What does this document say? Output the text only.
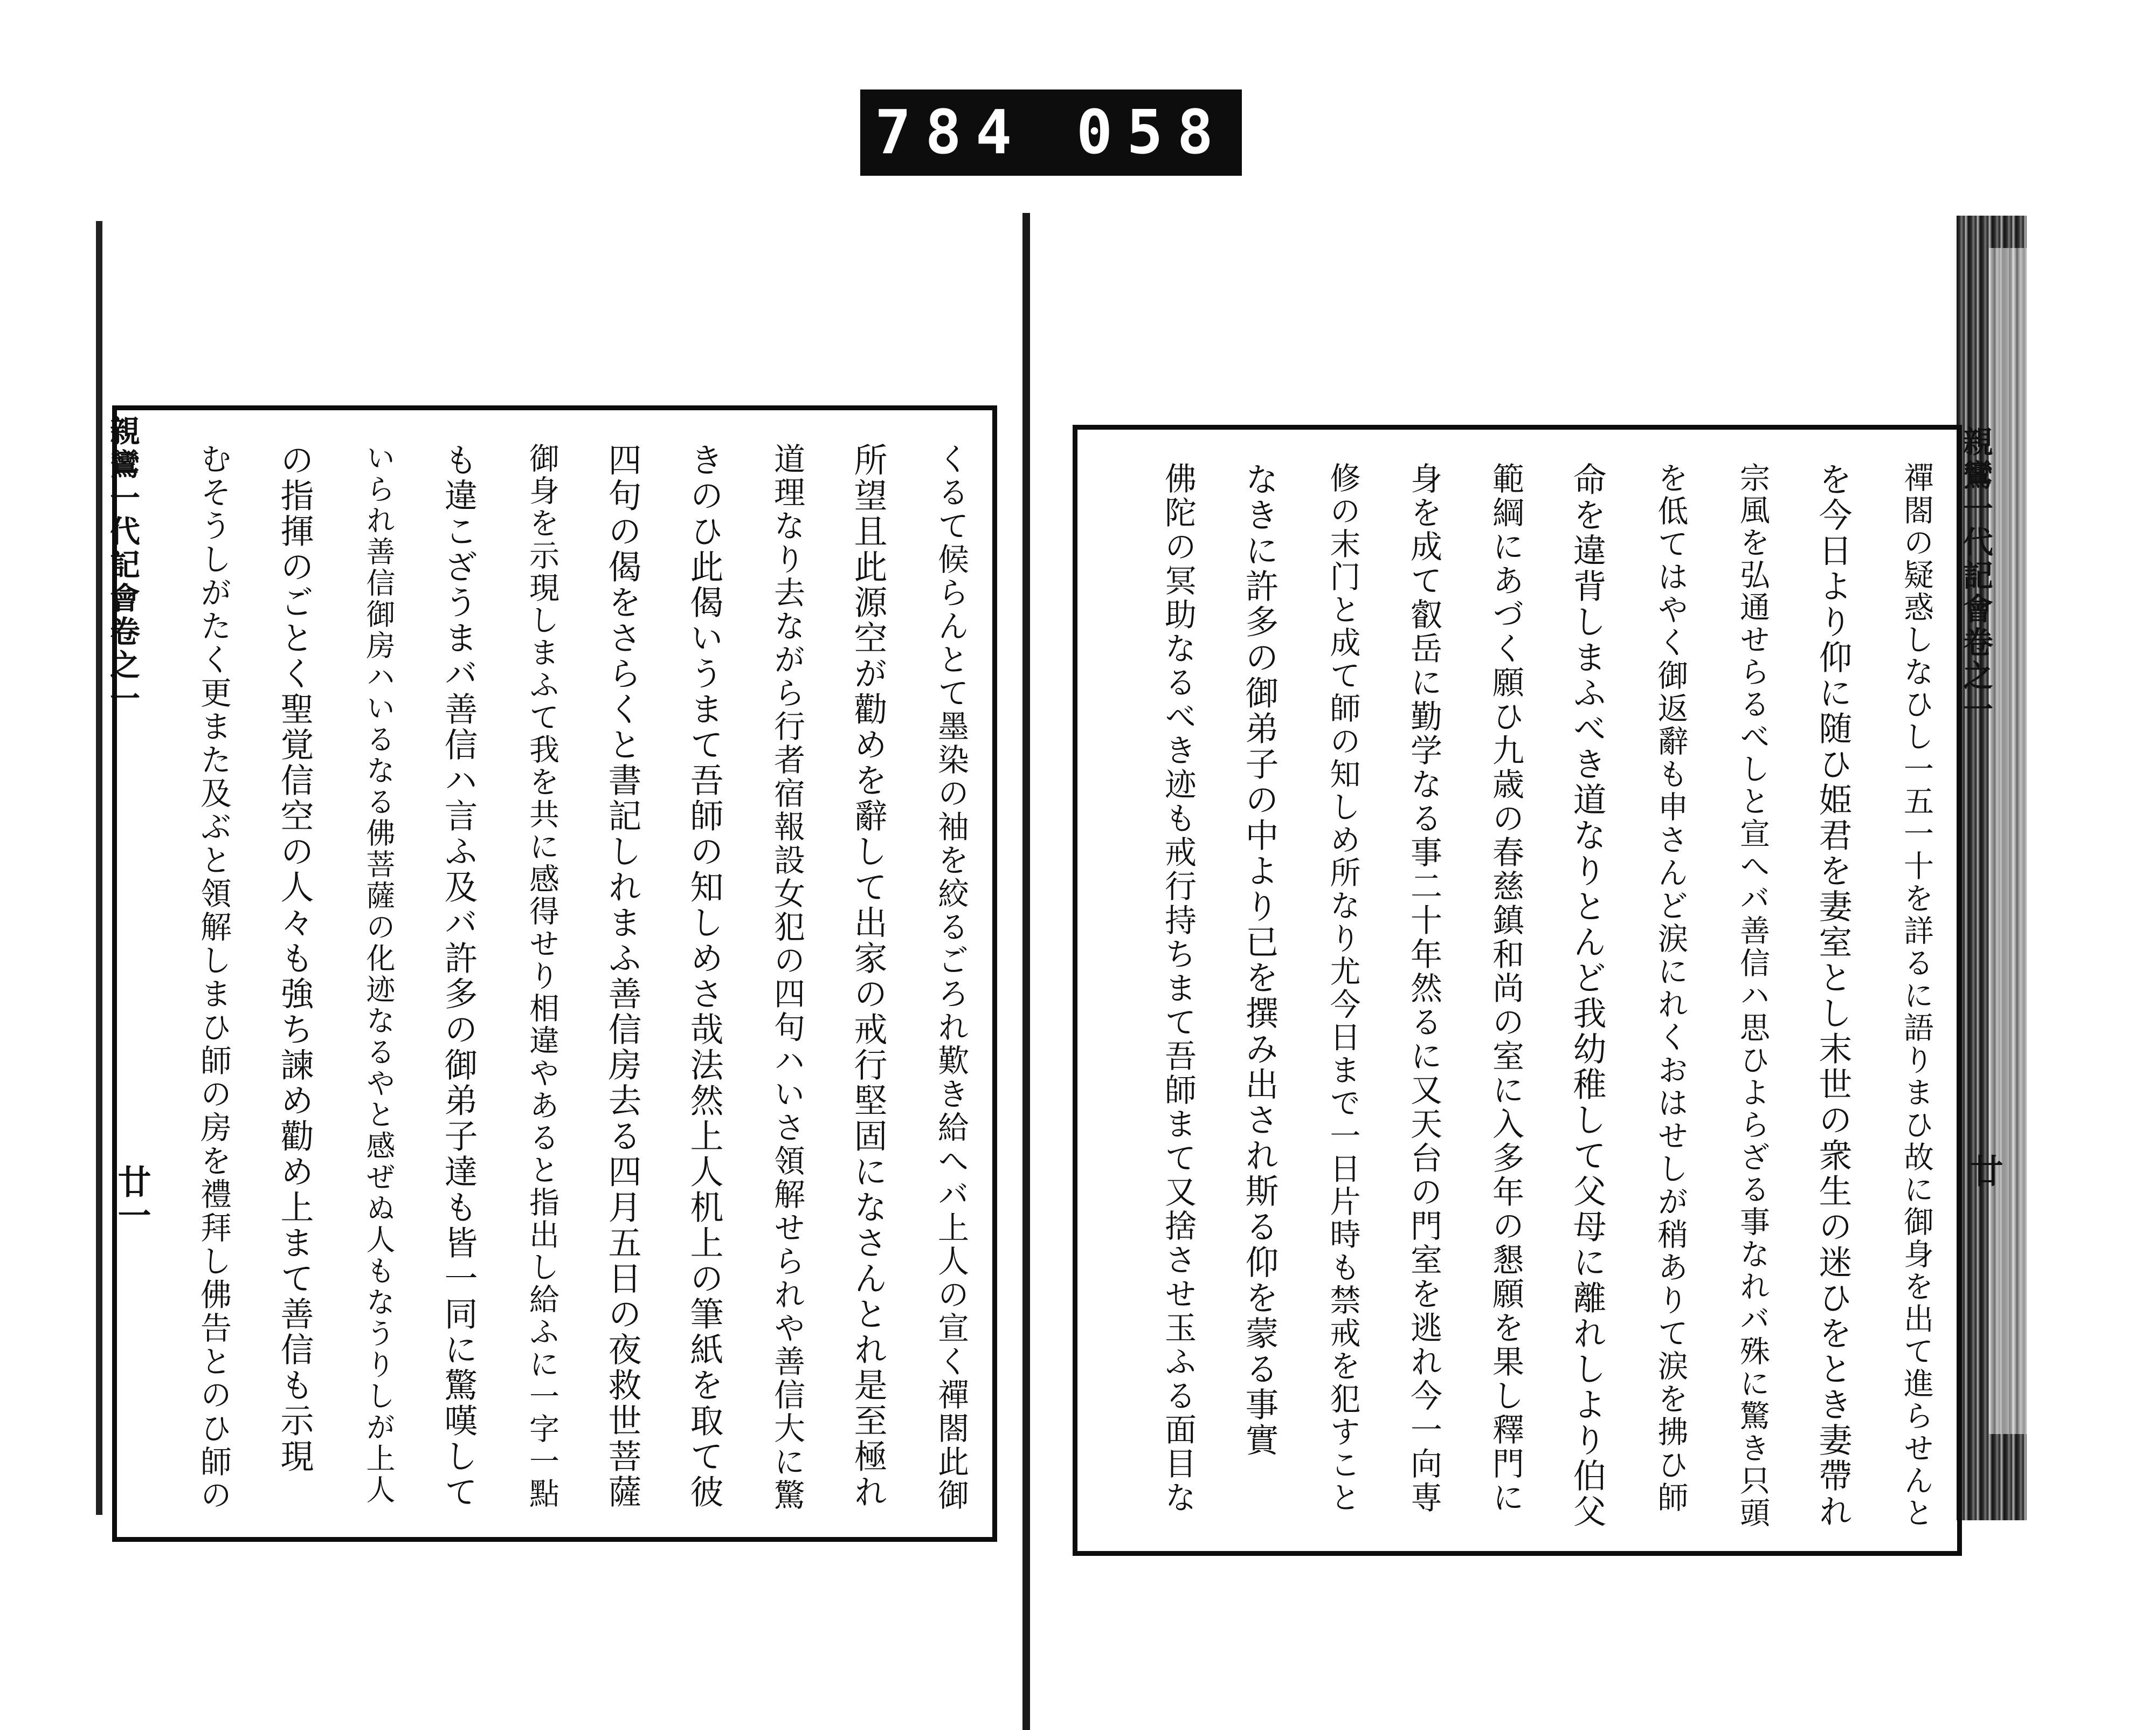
784 058
親鸞一代記會卷之一
廿一	くるて候らんとて墨染の袖を絞るごろれ歎き給へバ上人の宣く禪閤此御
所望且此源空が勸めを辭して出家の戒行堅固になさんとれ是至極れ
道理なり去ながら行者宿報設女犯の四句ハいさ領解せられや善信大に驚
きのひ此偈いうまて吾師の知しめさ哉法然上人机上の筆紙を取て彼
四句の偈をさらくと書記しれまふ善信房去る四月五日の夜救世菩薩
御身を示現しまふて我を共に感得せり相違やあると指出し給ふに一字一點
も違こざうまバ善信ハ言ふ及バ許多の御弟子達も皆一同に驚嘆して
いられ善信御房ハいるなる佛菩薩の化迹なるやと感ぜぬ人もなうりしが上人
の指揮のごとく聖覚信空の人々も強ち諫め勸め上まて善信も示現
むそうしがたく更また及ぶと領解しまひ師の房を禮拜し佛告とのひ師の	親鸞一代記會卷之一
廿
禪閤の疑惑しなひし一五一十を詳るに語りまひ故に御身を出て進らせんと
を今日より仰に随ひ姫君を妻室とし末世の衆生の迷ひをとき妻帶れ
宗風を弘通せらるべしと宣へバ善信ハ思ひよらざる事なれバ殊に驚き只頭
を低てはやく御返辭も申さんど涙にれくおはせしが稍ありて涙を拂ひ師
命を違背しまふべき道なりとんど我幼稚して父母に離れしより伯父
範綱にあづく願ひ九歳の春慈鎮和尚の室に入多年の懇願を果し釋門に
身を成て叡岳に勤学なる事二十年然るに又天台の門室を逃れ今一向専
修の末门と成て師の知しめ所なり尤今日まで一日片時も禁戒を犯すこと
なきに許多の御弟子の中より已を撰み出され斯る仰を蒙る事實
佛陀の冥助なるべき迹も戒行持ちまて吾師まて又捨させ玉ふる面目な
